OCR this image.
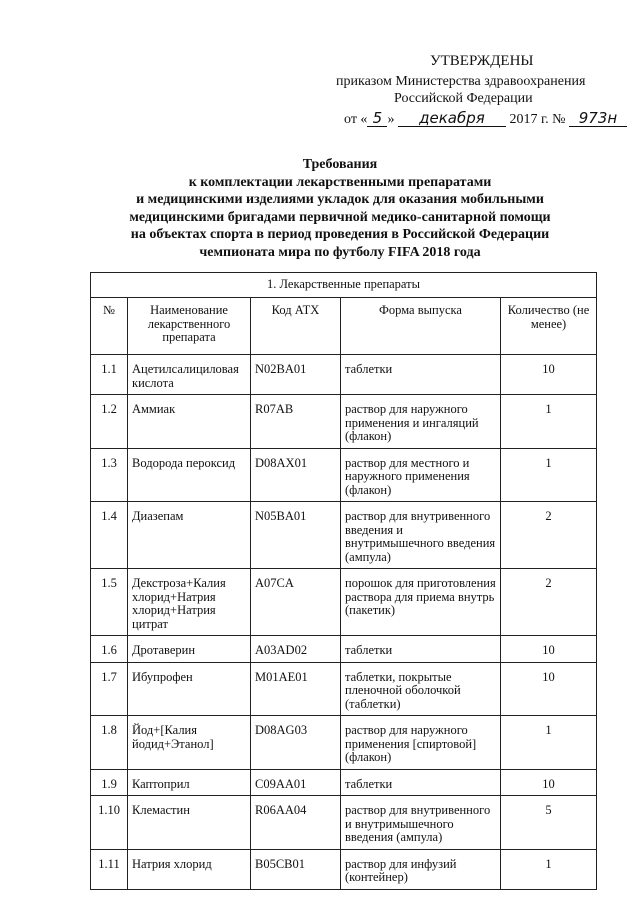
УТВЕРЖДЕНЫ
приказом Министерства здравоохранения
Российской Федерации
от « 5 » декабря 2017 г. № 973н
Требования
к комплектации лекарственными препаратами
и медицинскими изделиями укладок для оказания мобильными
медицинскими бригадами первичной медико-санитарной помощи
на объектах спорта в период проведения в Российской Федерации
чемпионата мира по футболу FIFA 2018 года
1. Лекарственные препараты				
№	Наименование лекарственного препарата	Код АТХ	Форма выпуска	Количество (не менее)
1.1	Ацетилсалициловая кислота	N02BA01	таблетки	10
1.2	Аммиак	R07AB	раствор для наружного применения и ингаляций (флакон)	1
1.3	Водорода пероксид	D08AX01	раствор для местного и наружного применения (флакон)	1
1.4	Диазепам	N05BA01	раствор для внутривенного введения и внутримышечного введения (ампула)	2
1.5	Декстроза+Калия хлорид+Натрия хлорид+Натрия цитрат	A07CA	порошок для приготовления раствора для приема внутрь (пакетик)	2
1.6	Дротаверин	A03AD02	таблетки	10
1.7	Ибупрофен	M01AE01	таблетки, покрытые пленочной оболочкой (таблетки)	10
1.8	Йод+[Калия йодид+Этанол]	D08AG03	раствор для наружного применения [спиртовой] (флакон)	1
1.9	Каптоприл	C09AA01	таблетки	10
1.10	Клемастин	R06AA04	раствор для внутривенного и внутримышечного введения (ампула)	5
1.11	Натрия хлорид	B05CB01	раствор для инфузий (контейнер)	1
